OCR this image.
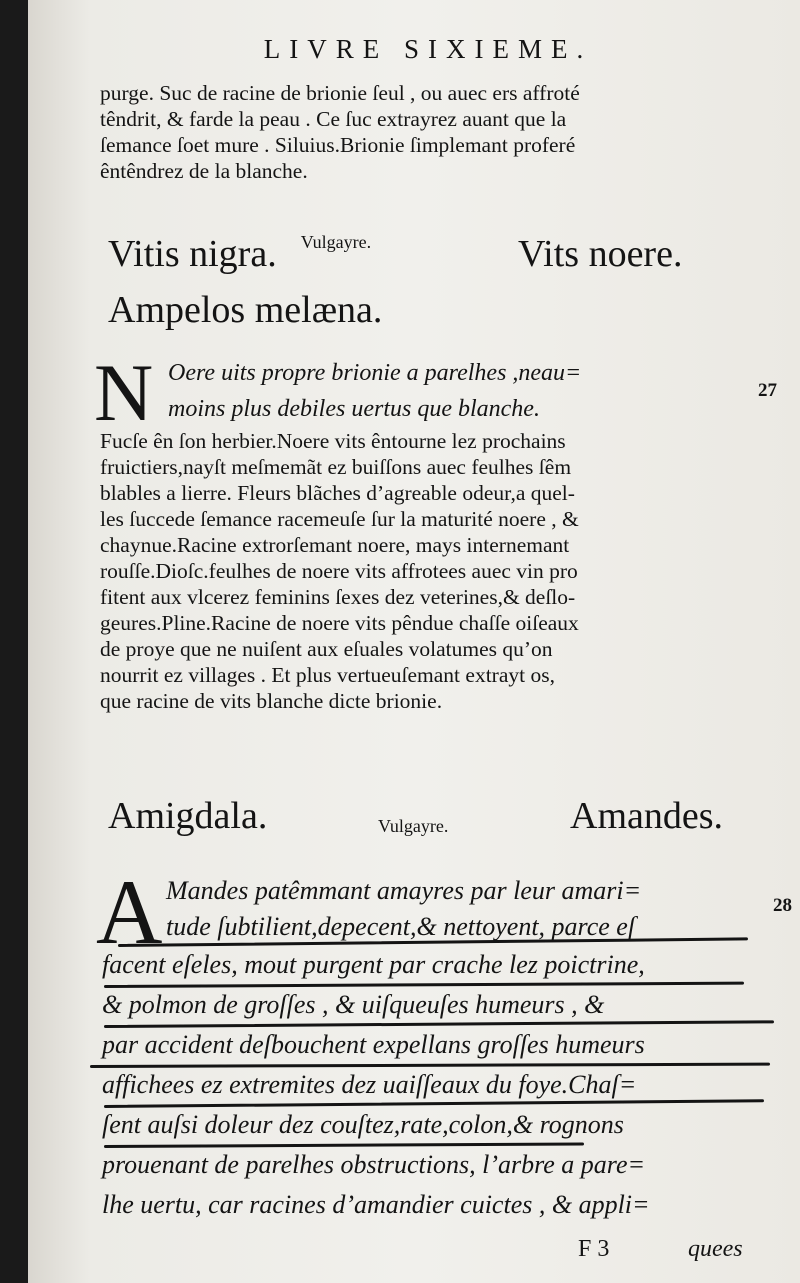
LIVRE SIXIEME.
purge. Suc de racine de brionie ſeul , ou auec ers affroté
têndrit, & farde la peau . Ce ſuc extrayrez auant que la
ſemance ſoet mure . Siluius.Brionie ſimplemant proferé
êntêndrez de la blanche.
Vitis nigra. Vulgayre.	Vits noere.
Ampelos melæna.
N Oere uits propre brionie a parelhes ,neau=
moins plus debiles uertus que blanche.
27
Fucſe ên ſon herbier.Noere vits êntourne lez prochains
fruictiers,nayſt meſmemãt ez buiſſons auec feulhes ſêm
blables a lierre. Fleurs blãches d’agreable odeur,a quel-
les ſuccede ſemance racemeuſe ſur la maturité noere , &
chaynue.Racine extrorſemant noere, mays internemant
rouſſe.Dioſc.feulhes de noere vits affrotees auec vin pro
fitent aux vlcerez feminins ſexes dez veterines,& deſlo-
geures.Pline.Racine de noere vits pêndue chaſſe oiſeaux
de proye que ne nuiſent aux eſuales volatumes qu’on
nourrit ez villages . Et plus vertueuſemant extrayt os,
que racine de vits blanche dicte brionie.
Amigdala.	Vulgayre.	Amandes.
A	28
Mandes patêmmant amayres par leur amari=
tude ſubtilient,depecent,& nettoyent, parce eſ
facent eſeles, mout purgent par crache lez poictrine,
& polmon de groſſes , & uiſqueuſes humeurs , &
par accident deſbouchent expellans groſſes humeurs
affichees ez extremites dez uaiſſeaux du foye.Chaſ=
ſent auſsi doleur dez couſtez,rate,colon,& rognons
prouenant de parelhes obstructions, l’arbre a pare=
lhe uertu, car racines d’amandier cuictes , & appli=
F 3	quees
